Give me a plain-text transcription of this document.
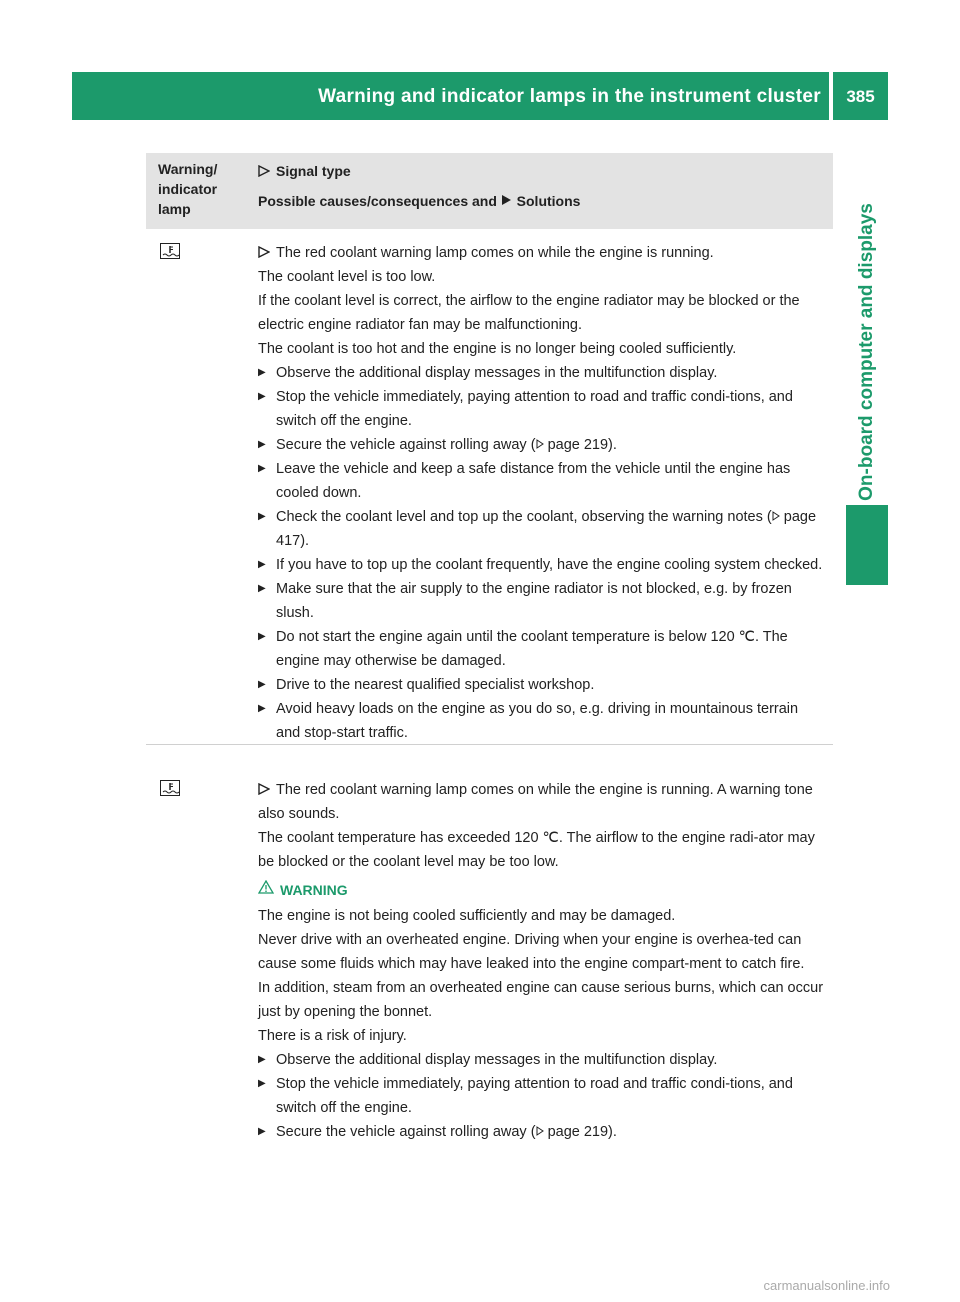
Warning and indicator lamps in the instrument cluster	385
On-board computer and displays
Warning/
indicator
lamp
Signal type
Possible causes/consequences and Solutions

The red coolant warning lamp comes on while the engine is running.

The coolant level is too low.

If the coolant level is correct, the airflow to the engine radiator may be blocked or the electric engine radiator fan may be malfunctioning.

The coolant is too hot and the engine is no longer being cooled sufficiently.

▶ Observe the additional display messages in the multifunction display.

▶ Stop the vehicle immediately, paying attention to road and traffic condi-tions, and switch off the engine.

▶ Secure the vehicle against rolling away ( page 219).

▶ Leave the vehicle and keep a safe distance from the vehicle until the engine has cooled down.

▶ Check the coolant level and top up the coolant, observing the warning notes ( page 417).

▶ If you have to top up the coolant frequently, have the engine cooling system checked.

▶ Make sure that the air supply to the engine radiator is not blocked, e.g. by frozen slush.

▶ Do not start the engine again until the coolant temperature is below 120 ℃. The engine may otherwise be damaged.

▶ Drive to the nearest qualified specialist workshop.

▶ Avoid heavy loads on the engine as you do so, e.g. driving in mountainous terrain and stop-start traffic.

The red coolant warning lamp comes on while the engine is running. A warning tone also sounds.

The coolant temperature has exceeded 120 ℃. The airflow to the engine radi-ator may be blocked or the coolant level may be too low.

WARNING

The engine is not being cooled sufficiently and may be damaged.

Never drive with an overheated engine. Driving when your engine is overhea-ted can cause some fluids which may have leaked into the engine compart-ment to catch fire.

In addition, steam from an overheated engine can cause serious burns, which can occur just by opening the bonnet.

There is a risk of injury.

▶ Observe the additional display messages in the multifunction display.

▶ Stop the vehicle immediately, paying attention to road and traffic condi-tions, and switch off the engine.

▶ Secure the vehicle against rolling away ( page 219).

carmanualsonline.info
